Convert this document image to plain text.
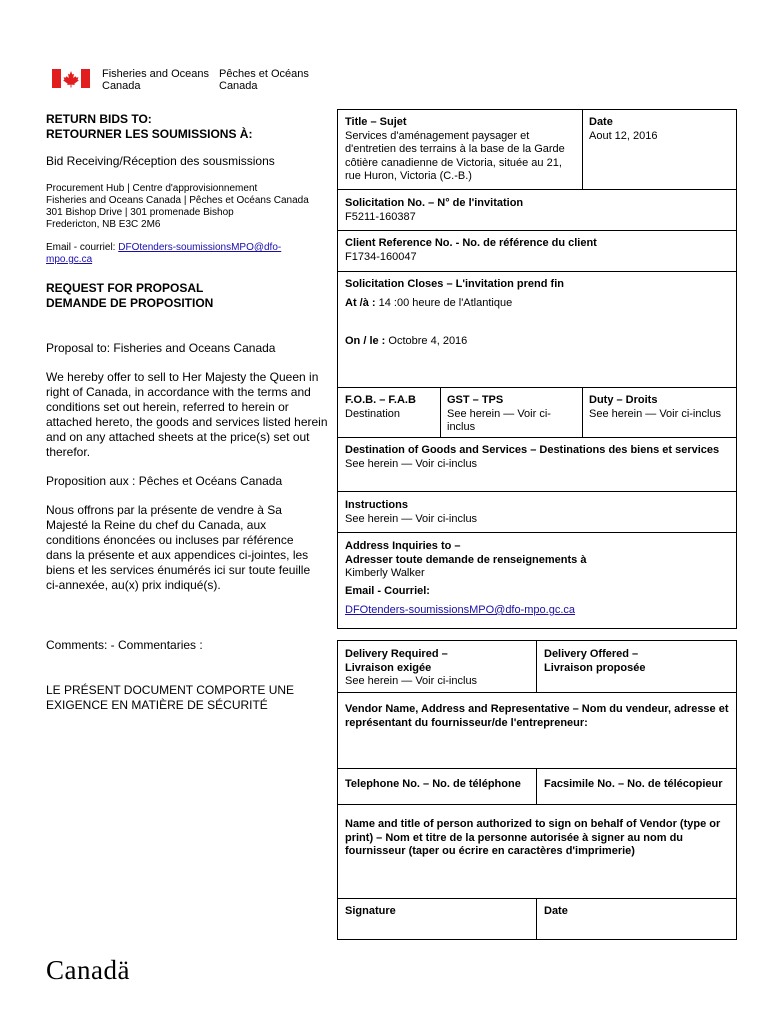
Fisheries and Oceans
Canada
Pêches et Océans
Canada
RETURN BIDS TO:
RETOURNER LES SOUMISSIONS À:
Bid Receiving/Réception des sousmissions
Procurement Hub | Centre d'approvisionnement
Fisheries and Oceans Canada | Pêches et Océans Canada
301 Bishop Drive | 301 promenade Bishop
Fredericton, NB E3C 2M6
Email - courriel: DFOtenders-soumissionsMPO@dfo-
mpo.gc.ca
REQUEST FOR PROPOSAL
DEMANDE DE PROPOSITION
Proposal to: Fisheries and Oceans Canada
We hereby offer to sell to Her Majesty the Queen in right of Canada, in accordance with the terms and conditions set out herein, referred to herein or attached hereto, the goods and services listed herein and on any attached sheets at the price(s) set out therefor.
Proposition aux : Pêches et Océans Canada
Nous offrons par la présente de vendre à Sa Majesté la Reine du chef du Canada, aux conditions énoncées ou incluses par référence dans la présente et aux appendices ci-jointes, les biens et les services énumérés ici sur toute feuille ci-annexée, au(x) prix indiqué(s).
Comments: - Commentaries :
LE PRÉSENT DOCUMENT COMPORTE UNE
EXIGENCE EN MATIÈRE DE SÉCURITÉ
Title – Sujet
Services d'aménagement paysager et d'entretien des terrains à la base de la Garde côtière canadienne de Victoria, située au 21, rue Huron, Victoria (C.-B.)
Date
Aout 12, 2016
Solicitation No. – N° de l'invitation
F5211-160387
Client Reference No. - No. de référence du client
F1734-160047
Solicitation Closes – L'invitation prend fin
At /à : 14 :00 heure de l'Atlantique
On / le : Octobre 4, 2016
F.O.B. – F.A.B
Destination
GST – TPS
See herein — Voir ci-inclus
Duty – Droits
See herein — Voir ci-inclus
Destination of Goods and Services – Destinations des biens et services
See herein — Voir ci-inclus
Instructions
See herein — Voir ci-inclus
Address Inquiries to –
Adresser toute demande de renseignements à
Kimberly Walker
Email - Courriel:
DFOtenders-soumissionsMPO@dfo-mpo.gc.ca
Delivery Required –
Livraison exigée
See herein — Voir ci-inclus
Delivery Offered –
Livraison proposée
Vendor Name, Address and Representative – Nom du vendeur, adresse et représentant du fournisseur/de l'entrepreneur:
Telephone No. – No. de téléphone Facsimile No. – No. de télécopieur
Name and title of person authorized to sign on behalf of Vendor (type or print) – Nom et titre de la personne autorisée à signer au nom du fournisseur (taper ou écrire en caractères d'imprimerie)
Signature	Date
Canadä
